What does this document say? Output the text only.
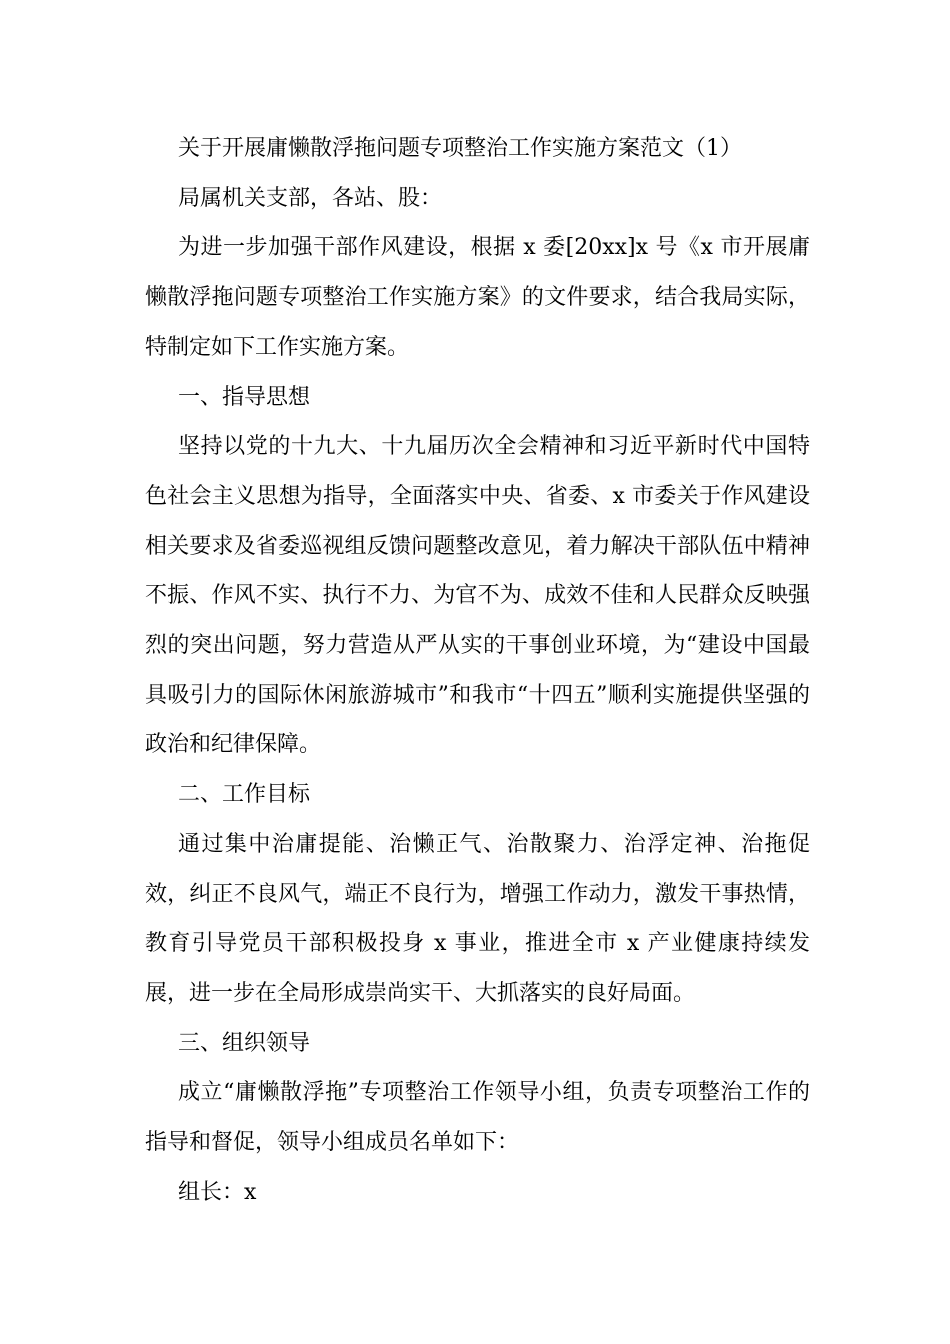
关于开展庸懒散浮拖问题专项整治工作实施方案范文（1）

局属机关支部，各站、股：

为进一步加强干部作风建设，根据 x 委[20xx]x 号《x 市开展庸懒散浮拖问题专项整治工作实施方案》的文件要求，结合我局实际，特制定如下工作实施方案。

一、指导思想

坚持以党的十九大、十九届历次全会精神和习近平新时代中国特色社会主义思想为指导，全面落实中央、省委、x 市委关于作风建设相关要求及省委巡视组反馈问题整改意见，着力解决干部队伍中精神不振、作风不实、执行不力、为官不为、成效不佳和人民群众反映强烈的突出问题，努力营造从严从实的干事创业环境，为“建设中国最具吸引力的国际休闲旅游城市”和我市“十四五”顺利实施提供坚强的政治和纪律保障。

二、工作目标

通过集中治庸提能、治懒正气、治散聚力、治浮定神、治拖促效，纠正不良风气，端正不良行为，增强工作动力，激发干事热情，教育引导党员干部积极投身 x 事业，推进全市 x 产业健康持续发展，进一步在全局形成崇尚实干、大抓落实的良好局面。

三、组织领导

成立“庸懒散浮拖”专项整治工作领导小组，负责专项整治工作的指导和督促，领导小组成员名单如下：

组长：x
